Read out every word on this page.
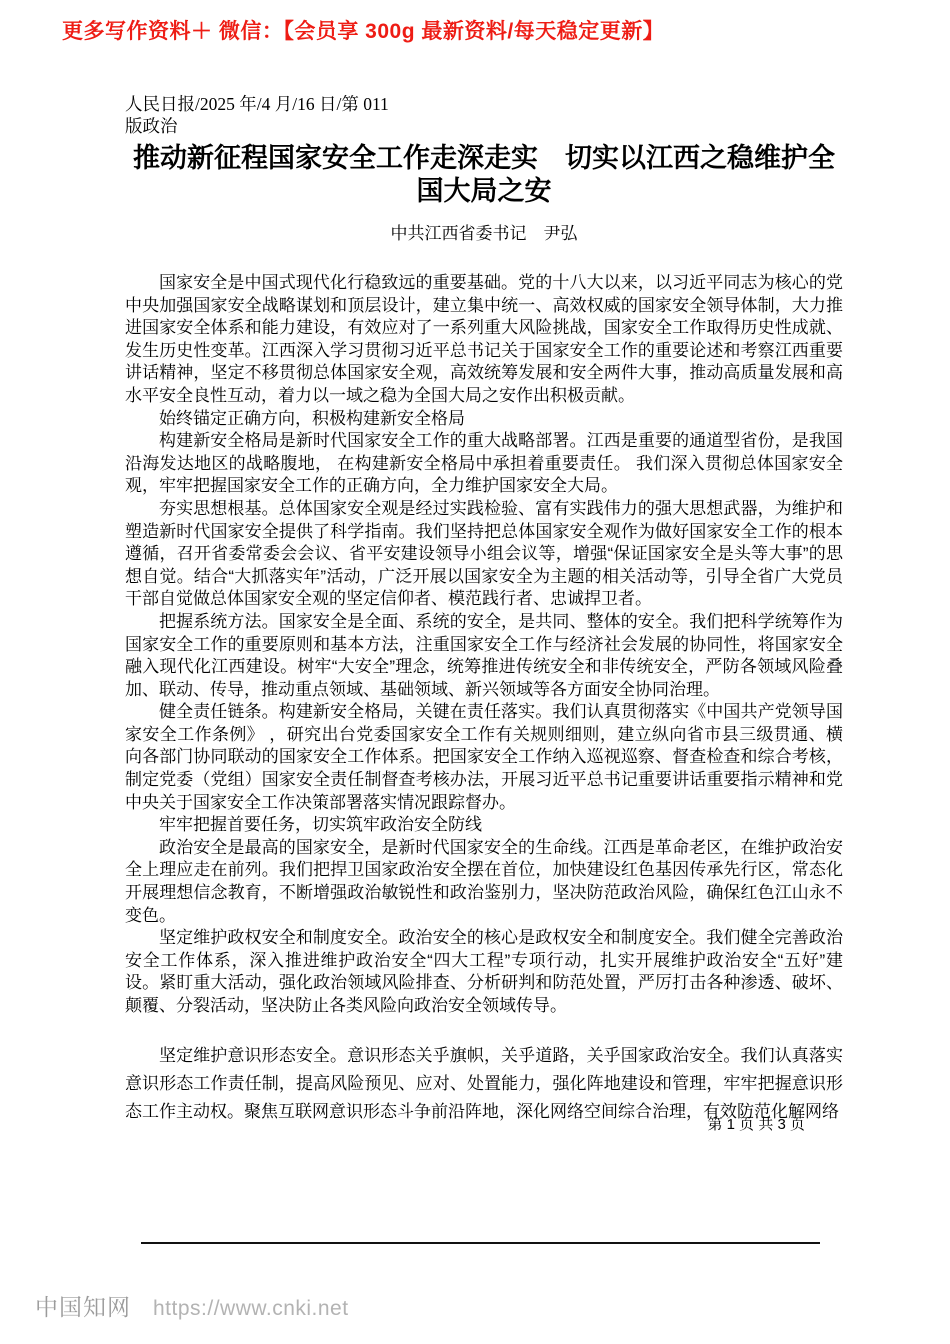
更多写作资料＋ 微信：【会员享 300g 最新资料/每天稳定更新】
人民日报/2025 年/4 月/16 日/第 011
版政治
推动新征程国家安全工作走深走实　切实以江西之稳维护全国大局之安
中共江西省委书记　尹弘

国家安全是中国式现代化行稳致远的重要基础。党的十八大以来，以习近平同志为核心的党中央加强国家安全战略谋划和顶层设计，建立集中统一、高效权威的国家安全领导体制，大力推进国家安全体系和能力建设，有效应对了一系列重大风险挑战，国家安全工作取得历史性成就、发生历史性变革。江西深入学习贯彻习近平总书记关于国家安全工作的重要论述和考察江西重要讲话精神，坚定不移贯彻总体国家安全观，高效统筹发展和安全两件大事，推动高质量发展和高水平安全良性互动，着力以一域之稳为全国大局之安作出积极贡献。

始终锚定正确方向，积极构建新安全格局

构建新安全格局是新时代国家安全工作的重大战略部署。江西是重要的通道型省份，是我国沿海发达地区的战略腹地， 在构建新安全格局中承担着重要责任。 我们深入贯彻总体国家安全观，牢牢把握国家安全工作的正确方向，全力维护国家安全大局。

夯实思想根基。总体国家安全观是经过实践检验、富有实践伟力的强大思想武器，为维护和塑造新时代国家安全提供了科学指南。我们坚持把总体国家安全观作为做好国家安全工作的根本遵循，召开省委常委会会议、省平安建设领导小组会议等，增强“保证国家安全是头等大事”的思想自觉。结合“大抓落实年”活动，广泛开展以国家安全为主题的相关活动等，引导全省广大党员干部自觉做总体国家安全观的坚定信仰者、模范践行者、忠诚捍卫者。

把握系统方法。国家安全是全面、系统的安全，是共同、整体的安全。我们把科学统筹作为国家安全工作的重要原则和基本方法，注重国家安全工作与经济社会发展的协同性，将国家安全融入现代化江西建设。树牢“大安全”理念，统筹推进传统安全和非传统安全，严防各领域风险叠加、联动、传导，推动重点领域、基础领域、新兴领域等各方面安全协同治理。

健全责任链条。构建新安全格局，关键在责任落实。我们认真贯彻落实《中国共产党领导国家安全工作条例》 ，研究出台党委国家安全工作有关规则细则，建立纵向省市县三级贯通、横向各部门协同联动的国家安全工作体系。把国家安全工作纳入巡视巡察、督查检查和综合考核，制定党委（党组）国家安全责任制督查考核办法，开展习近平总书记重要讲话重要指示精神和党中央关于国家安全工作决策部署落实情况跟踪督办。

牢牢把握首要任务，切实筑牢政治安全防线

政治安全是最高的国家安全，是新时代国家安全的生命线。江西是革命老区，在维护政治安全上理应走在前列。我们把捍卫国家政治安全摆在首位，加快建设红色基因传承先行区，常态化开展理想信念教育，不断增强政治敏锐性和政治鉴别力，坚决防范政治风险，确保红色江山永不变色。

坚定维护政权安全和制度安全。政治安全的核心是政权安全和制度安全。我们健全完善政治安全工作体系，深入推进维护政治安全“四大工程”专项行动，扎实开展维护政治安全“五好”建设。紧盯重大活动，强化政治领域风险排查、分析研判和防范处置，严厉打击各种渗透、破坏、颠覆、分裂活动，坚决防止各类风险向政治安全领域传导。

坚定维护意识形态安全。意识形态关乎旗帜，关乎道路，关乎国家政治安全。我们认真落实意识形态工作责任制，提高风险预见、应对、处置能力，强化阵地建设和管理，牢牢把握意识形态工作主动权。聚焦互联网意识形态斗争前沿阵地，深化网络空间综合治理，有效防范化解网络

第 1 页 共 3 页
中国知网 https://www.cnki.net
